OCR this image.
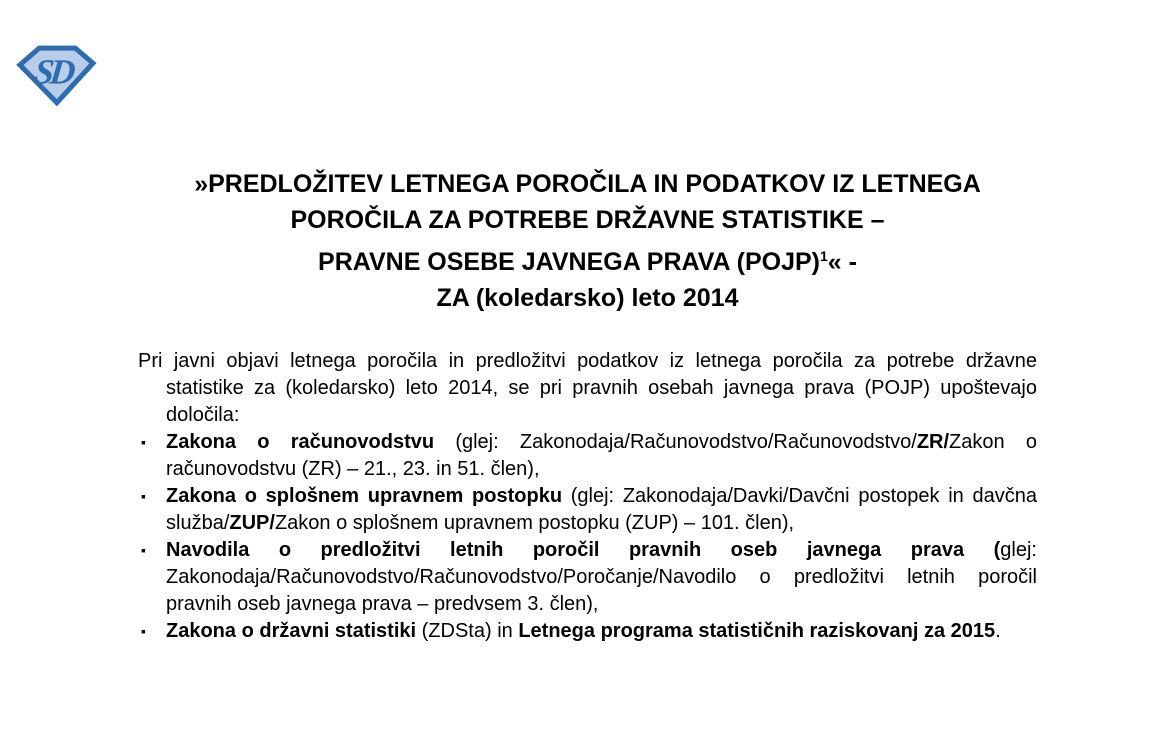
SD
»PREDLOŽITEV LETNEGA POROČILA IN PODATKOV IZ LETNEGA
POROČILA ZA POTREBE DRŽAVNE STATISTIKE –
PRAVNE OSEBE JAVNEGA PRAVA (POJP)$^1$« -
ZA (koledarsko) leto 2014

Pri javni objavi letnega poročila in predložitvi podatkov iz letnega poročila za potrebe državne statistike za (koledarsko) leto 2014, se pri pravnih osebah javnega prava (POJP) upoštevajo določila:

▪ Zakona o računovodstvu (glej: Zakonodaja/Računovodstvo/Računovodstvo/ZR/Zakon o računovodstvu (ZR) – 21., 23. in 51. člen),
▪ Zakona o splošnem upravnem postopku (glej: Zakonodaja/Davki/Davčni postopek in davčna služba/ZUP/Zakon o splošnem upravnem postopku (ZUP) – 101. člen),
▪ Navodila o predložitvi letnih poročil pravnih oseb javnega prava (glej: Zakonodaja/Računovodstvo/Računovodstvo/Poročanje/Navodilo o predložitvi letnih poročil pravnih oseb javnega prava – predvsem 3. člen),
▪ Zakona o državni statistiki (ZDSta) in Letnega programa statističnih raziskovanj za 2015.
